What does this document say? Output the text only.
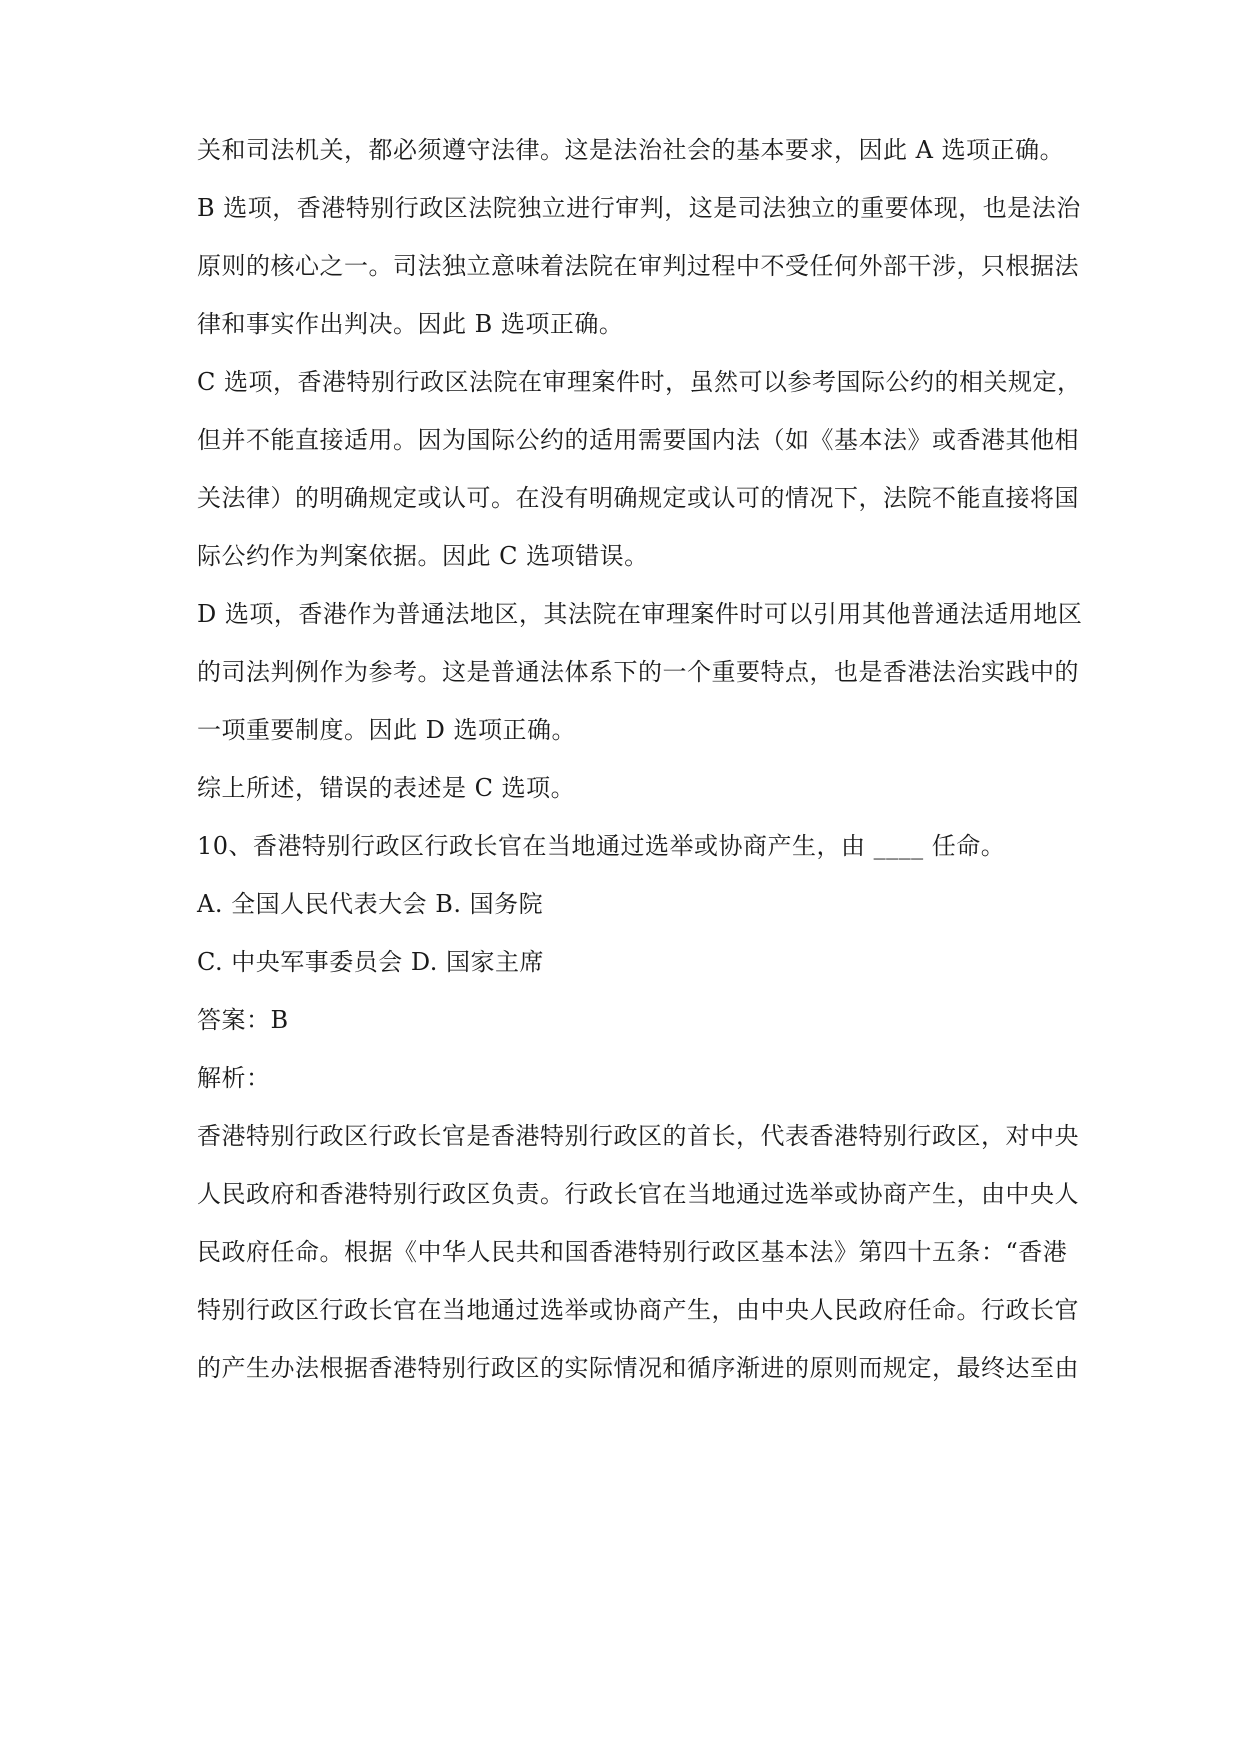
关和司法机关，都必须遵守法律。这是法治社会的基本要求，因此 A 选项正确。
B 选项，香港特别行政区法院独立进行审判，这是司法独立的重要体现，也是法治
原则的核心之一。司法独立意味着法院在审判过程中不受任何外部干涉，只根据法
律和事实作出判决。因此 B 选项正确。
C 选项，香港特别行政区法院在审理案件时，虽然可以参考国际公约的相关规定，
但并不能直接适用。因为国际公约的适用需要国内法（如《基本法》或香港其他相
关法律）的明确规定或认可。在没有明确规定或认可的情况下，法院不能直接将国
际公约作为判案依据。因此 C 选项错误。
D 选项，香港作为普通法地区，其法院在审理案件时可以引用其他普通法适用地区
的司法判例作为参考。这是普通法体系下的一个重要特点，也是香港法治实践中的
一项重要制度。因此 D 选项正确。
综上所述，错误的表述是 C 选项。
10、香港特别行政区行政长官在当地通过选举或协商产生，由 ____ 任命。
A. 全国人民代表大会 B. 国务院
C. 中央军事委员会 D. 国家主席
答案：B
解析：
香港特别行政区行政长官是香港特别行政区的首长，代表香港特别行政区，对中央
人民政府和香港特别行政区负责。行政长官在当地通过选举或协商产生，由中央人
民政府任命。根据《中华人民共和国香港特别行政区基本法》第四十五条：“香港
特别行政区行政长官在当地通过选举或协商产生，由中央人民政府任命。行政长官
的产生办法根据香港特别行政区的实际情况和循序渐进的原则而规定，最终达至由
